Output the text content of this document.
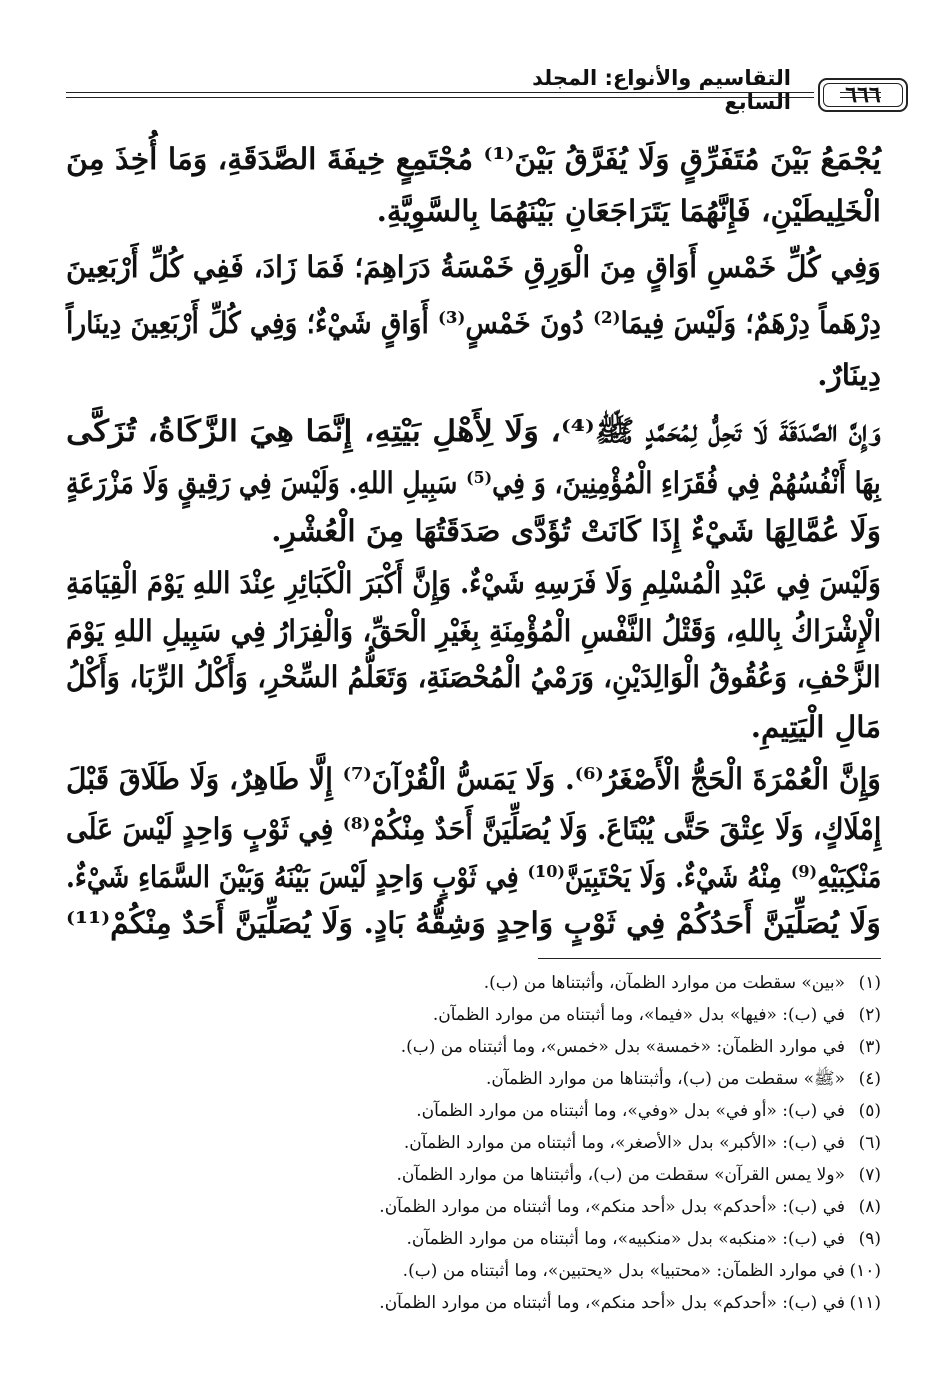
التقاسيم والأنواع: المجلد السابع	٦٦٦
يُجْمَعُ بَيْنَ مُتَفَرِّقٍ وَلَا يُفَرَّقُ بَيْنَ⁽¹⁾ مُجْتَمِعٍ خِيفَةَ الصَّدَقَةِ، وَمَا أُخِذَ مِنَ
الْخَلِيطَيْنِ، فَإِنَّهُمَا يَتَرَاجَعَانِ بَيْنَهُمَا بِالسَّوِيَّةِ.
وَفِي كُلِّ خَمْسِ أَوَاقٍ مِنَ الْوَرِقِ خَمْسَةُ دَرَاهِمَ؛ فَمَا زَادَ، فَفِي كُلِّ أَرْبَعِينَ
دِرْهَماً دِرْهَمٌ؛ وَلَيْسَ فِيمَا⁽²⁾ دُونَ خَمْسٍ⁽³⁾ أَوَاقٍ شَيْءٌ؛ وَفِي كُلِّ أَرْبَعِينَ دِينَاراً
دِينَارٌ.
وَإِنَّ الصَّدَقَةَ لَا تَحِلُّ لِمُحَمَّدٍ ﷺ⁽⁴⁾، وَلَا لِأَهْلِ بَيْتِهِ، إِنَّمَا هِيَ الزَّكَاةُ، تُزَكَّى
بِهَا أَنْفُسُهُمْ فِي فُقَرَاءِ الْمُؤْمِنِينَ، وَ فِي⁽⁵⁾ سَبِيلِ اللهِ. وَلَيْسَ فِي رَقِيقٍ وَلَا مَزْرَعَةٍ
وَلَا عُمَّالِهَا شَيْءٌ إِذَا كَانَتْ تُؤَدَّى صَدَقَتُهَا مِنَ الْعُشْرِ.
وَلَيْسَ فِي عَبْدِ الْمُسْلِمِ وَلَا فَرَسِهِ شَيْءٌ. وَإِنَّ أَكْبَرَ الْكَبَائِرِ عِنْدَ اللهِ يَوْمَ الْقِيَامَةِ
الْإِشْرَاكُ بِاللهِ، وَقَتْلُ النَّفْسِ الْمُؤْمِنَةِ بِغَيْرِ الْحَقِّ، وَالْفِرَارُ فِي سَبِيلِ اللهِ يَوْمَ
الزَّحْفِ، وَعُقُوقُ الْوَالِدَيْنِ، وَرَمْيُ الْمُحْصَنَةِ، وَتَعَلُّمُ السِّحْرِ، وَأَكْلُ الرِّبَا، وَأَكْلُ
مَالِ الْيَتِيمِ.
وَإِنَّ الْعُمْرَةَ الْحَجُّ الْأَصْغَرُ⁽⁶⁾. وَلَا يَمَسُّ الْقُرْآنَ⁽⁷⁾ إِلَّا طَاهِرٌ، وَلَا طَلَاقَ قَبْلَ
إِمْلَاكٍ، وَلَا عِتْقَ حَتَّى يُبْتَاعَ. وَلَا يُصَلِّيَنَّ أَحَدٌ مِنْكُمْ⁽⁸⁾ فِي ثَوْبٍ وَاحِدٍ لَيْسَ عَلَى
مَنْكِبَيْهِ⁽⁹⁾ مِنْهُ شَيْءٌ. وَلَا يَحْتَبِيَنَّ⁽¹⁰⁾ فِي ثَوْبٍ وَاحِدٍ لَيْسَ بَيْنَهُ وَبَيْنَ السَّمَاءِ شَيْءٌ.
وَلَا يُصَلِّيَنَّ أَحَدُكُمْ فِي ثَوْبٍ وَاحِدٍ وَشِقُّهُ بَادٍ. وَلَا يُصَلِّيَنَّ أَحَدٌ مِنْكُمْ⁽¹¹⁾
(١)«بين» سقطت من موارد الظمآن، وأثبتناها من (ب).
(٢)في (ب): «فيها» بدل «فيما»، وما أثبتناه من موارد الظمآن.
(٣)في موارد الظمآن: «خمسة» بدل «خمس»، وما أثبتناه من (ب).
(٤)«ﷺ» سقطت من (ب)، وأثبتناها من موارد الظمآن.
(٥)في (ب): «أو في» بدل «وفي»، وما أثبتناه من موارد الظمآن.
(٦)في (ب): «الأكبر» بدل «الأصغر»، وما أثبتناه من موارد الظمآن.
(٧)«ولا يمس القرآن» سقطت من (ب)، وأثبتناها من موارد الظمآن.
(٨)في (ب): «أحدكم» بدل «أحد منكم»، وما أثبتناه من موارد الظمآن.
(٩)في (ب): «منكبه» بدل «منكبيه»، وما أثبتناه من موارد الظمآن.
(١٠)في موارد الظمآن: «محتبيا» بدل «يحتبين»، وما أثبتناه من (ب).
(١١)في (ب): «أحدكم» بدل «أحد منكم»، وما أثبتناه من موارد الظمآن.
